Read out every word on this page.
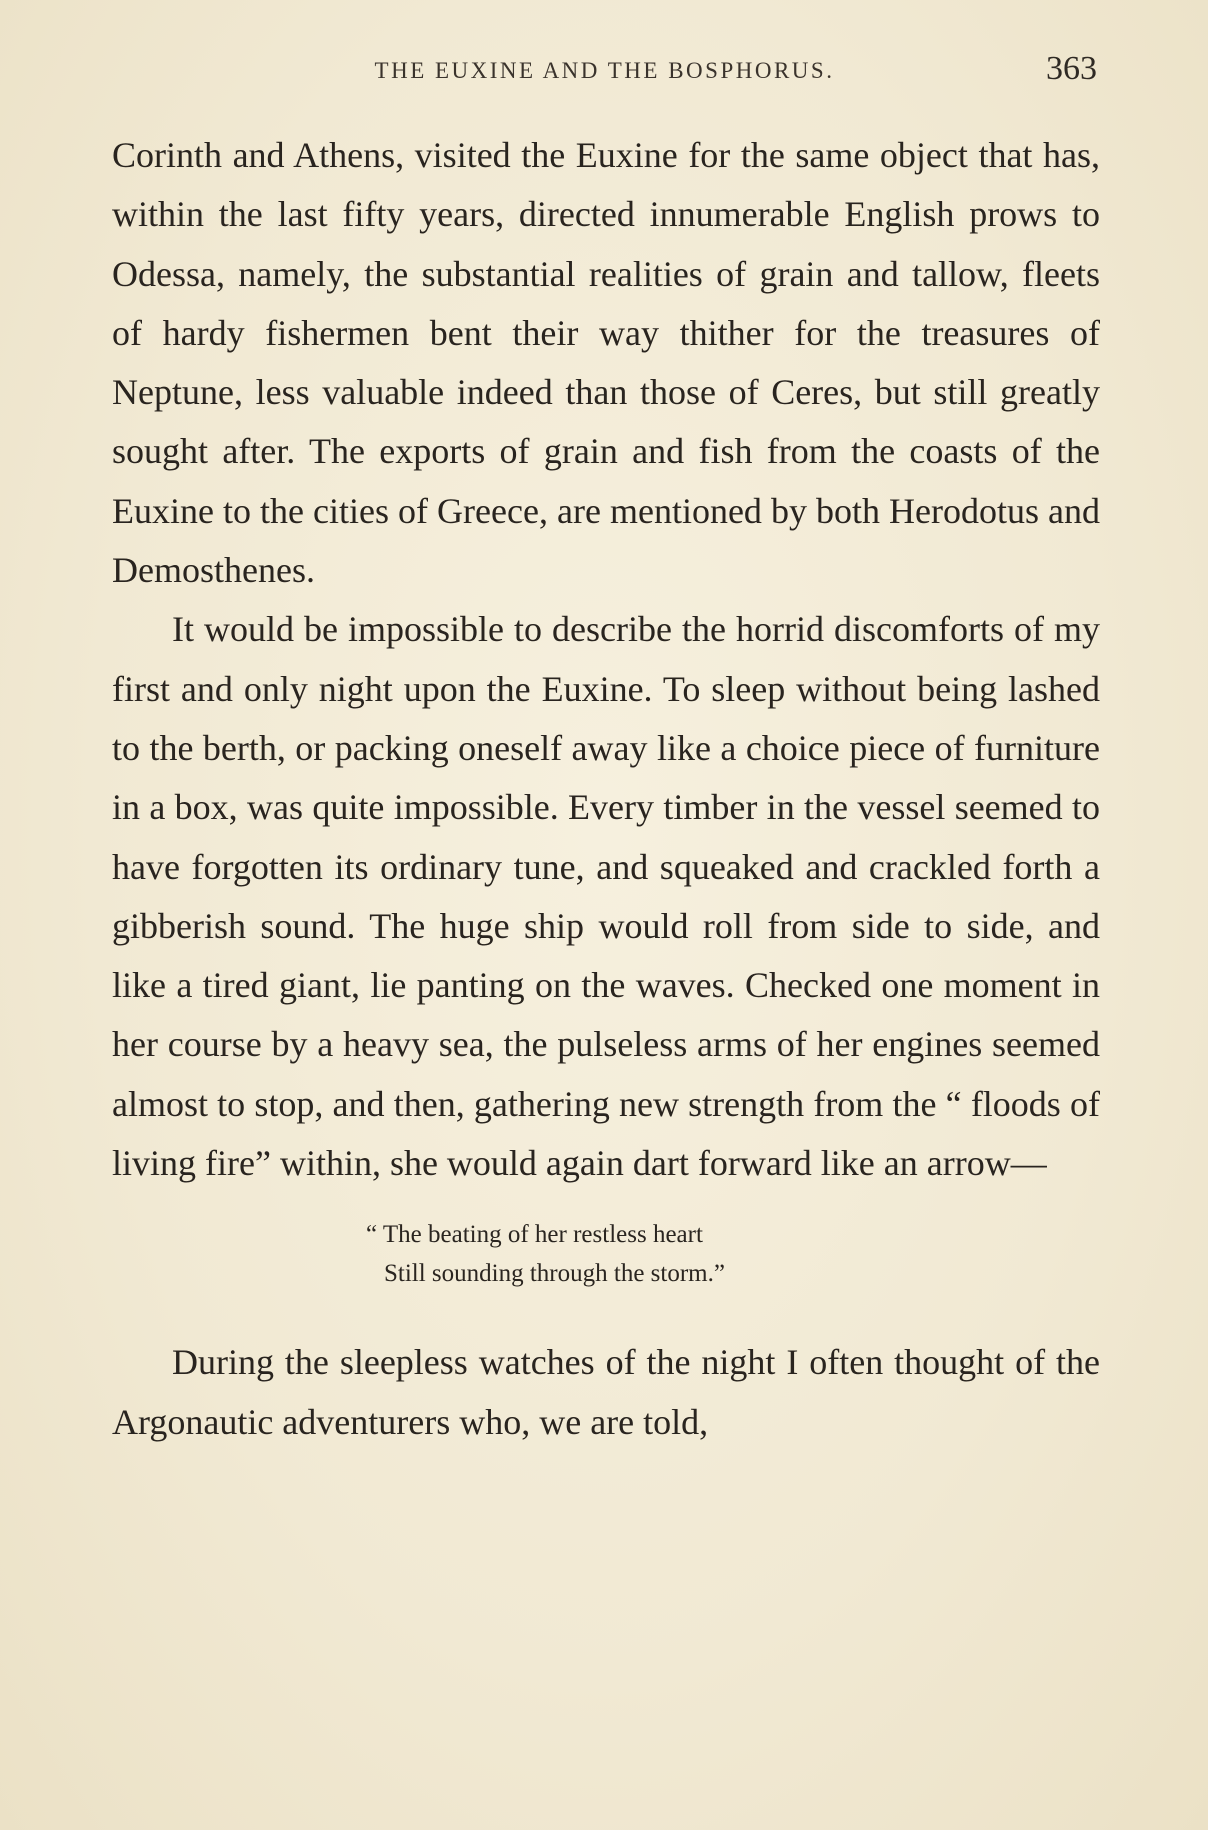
THE EUXINE AND THE BOSPHORUS.	363

Corinth and Athens, visited the Euxine for the same object that has, within the last fifty years, directed innumerable English prows to Odessa, namely, the substantial realities of grain and tallow, fleets of hardy fishermen bent their way thither for the treasures of Neptune, less valuable indeed than those of Ceres, but still greatly sought after. The exports of grain and fish from the coasts of the Euxine to the cities of Greece, are mentioned by both Herodotus and Demosthenes.

It would be impossible to describe the horrid discomforts of my first and only night upon the Euxine. To sleep without being lashed to the berth, or packing oneself away like a choice piece of furniture in a box, was quite impossible. Every timber in the vessel seemed to have forgotten its ordinary tune, and squeaked and crackled forth a gibberish sound. The huge ship would roll from side to side, and like a tired giant, lie panting on the waves. Checked one moment in her course by a heavy sea, the pulseless arms of her engines seemed almost to stop, and then, gathering new strength from the “ floods of living fire” within, she would again dart forward like an arrow—

“ The beating of her restless heart
Still sounding through the storm.”

During the sleepless watches of the night I often thought of the Argonautic adventurers who, we are told,
